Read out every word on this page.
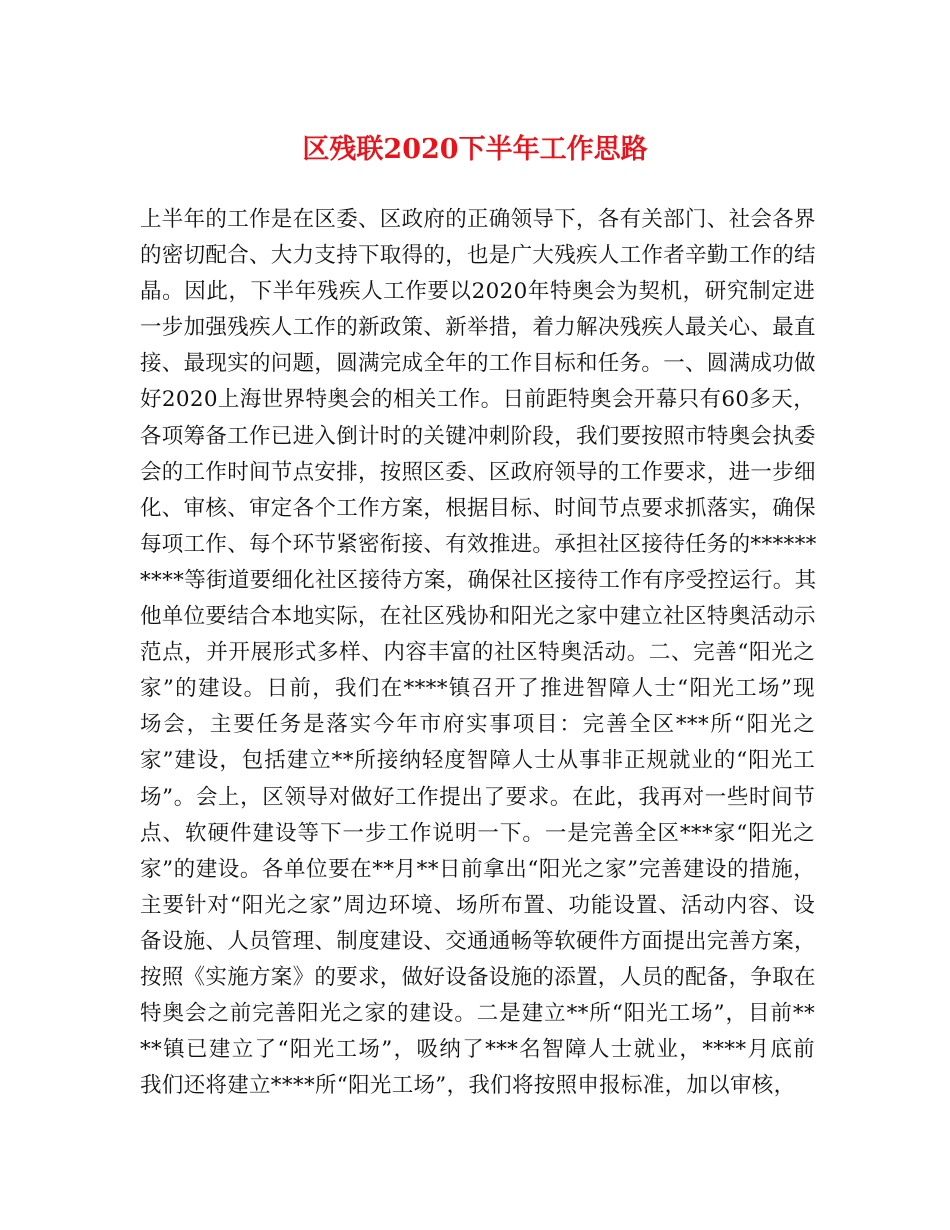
区残联2020下半年工作思路
上半年的工作是在区委、区政府的正确领导下，各有关部门、社会各界
的密切配合、大力支持下取得的，也是广大残疾人工作者辛勤工作的结
晶。因此，下半年残疾人工作要以2020年特奥会为契机，研究制定进
一步加强残疾人工作的新政策、新举措，着力解决残疾人最关心、最直
接、最现实的问题，圆满完成全年的工作目标和任务。一、圆满成功做
好2020上海世界特奥会的相关工作。日前距特奥会开幕只有60多天，
各项筹备工作已进入倒计时的关键冲刺阶段，我们要按照市特奥会执委
会的工作时间节点安排，按照区委、区政府领导的工作要求，进一步细
化、审核、审定各个工作方案，根据目标、时间节点要求抓落实，确保
每项工作、每个环节紧密衔接、有效推进。承担社区接待任务的******
****等街道要细化社区接待方案，确保社区接待工作有序受控运行。其
他单位要结合本地实际，在社区残协和阳光之家中建立社区特奥活动示
范点，并开展形式多样、内容丰富的社区特奥活动。二、完善“阳光之
家”的建设。日前，我们在****镇召开了推进智障人士“阳光工场”现
场会，主要任务是落实今年市府实事项目：完善全区***所“阳光之
家”建设，包括建立**所接纳轻度智障人士从事非正规就业的“阳光工
场”。会上，区领导对做好工作提出了要求。在此，我再对一些时间节
点、软硬件建设等下一步工作说明一下。一是完善全区***家“阳光之
家”的建设。各单位要在**月**日前拿出“阳光之家”完善建设的措施，
主要针对“阳光之家”周边环境、场所布置、功能设置、活动内容、设
备设施、人员管理、制度建设、交通通畅等软硬件方面提出完善方案，
按照《实施方案》的要求，做好设备设施的添置，人员的配备，争取在
特奥会之前完善阳光之家的建设。二是建立**所“阳光工场”，目前**
**镇已建立了“阳光工场”，吸纳了***名智障人士就业，****月底前
我们还将建立****所“阳光工场”，我们将按照申报标准，加以审核，
